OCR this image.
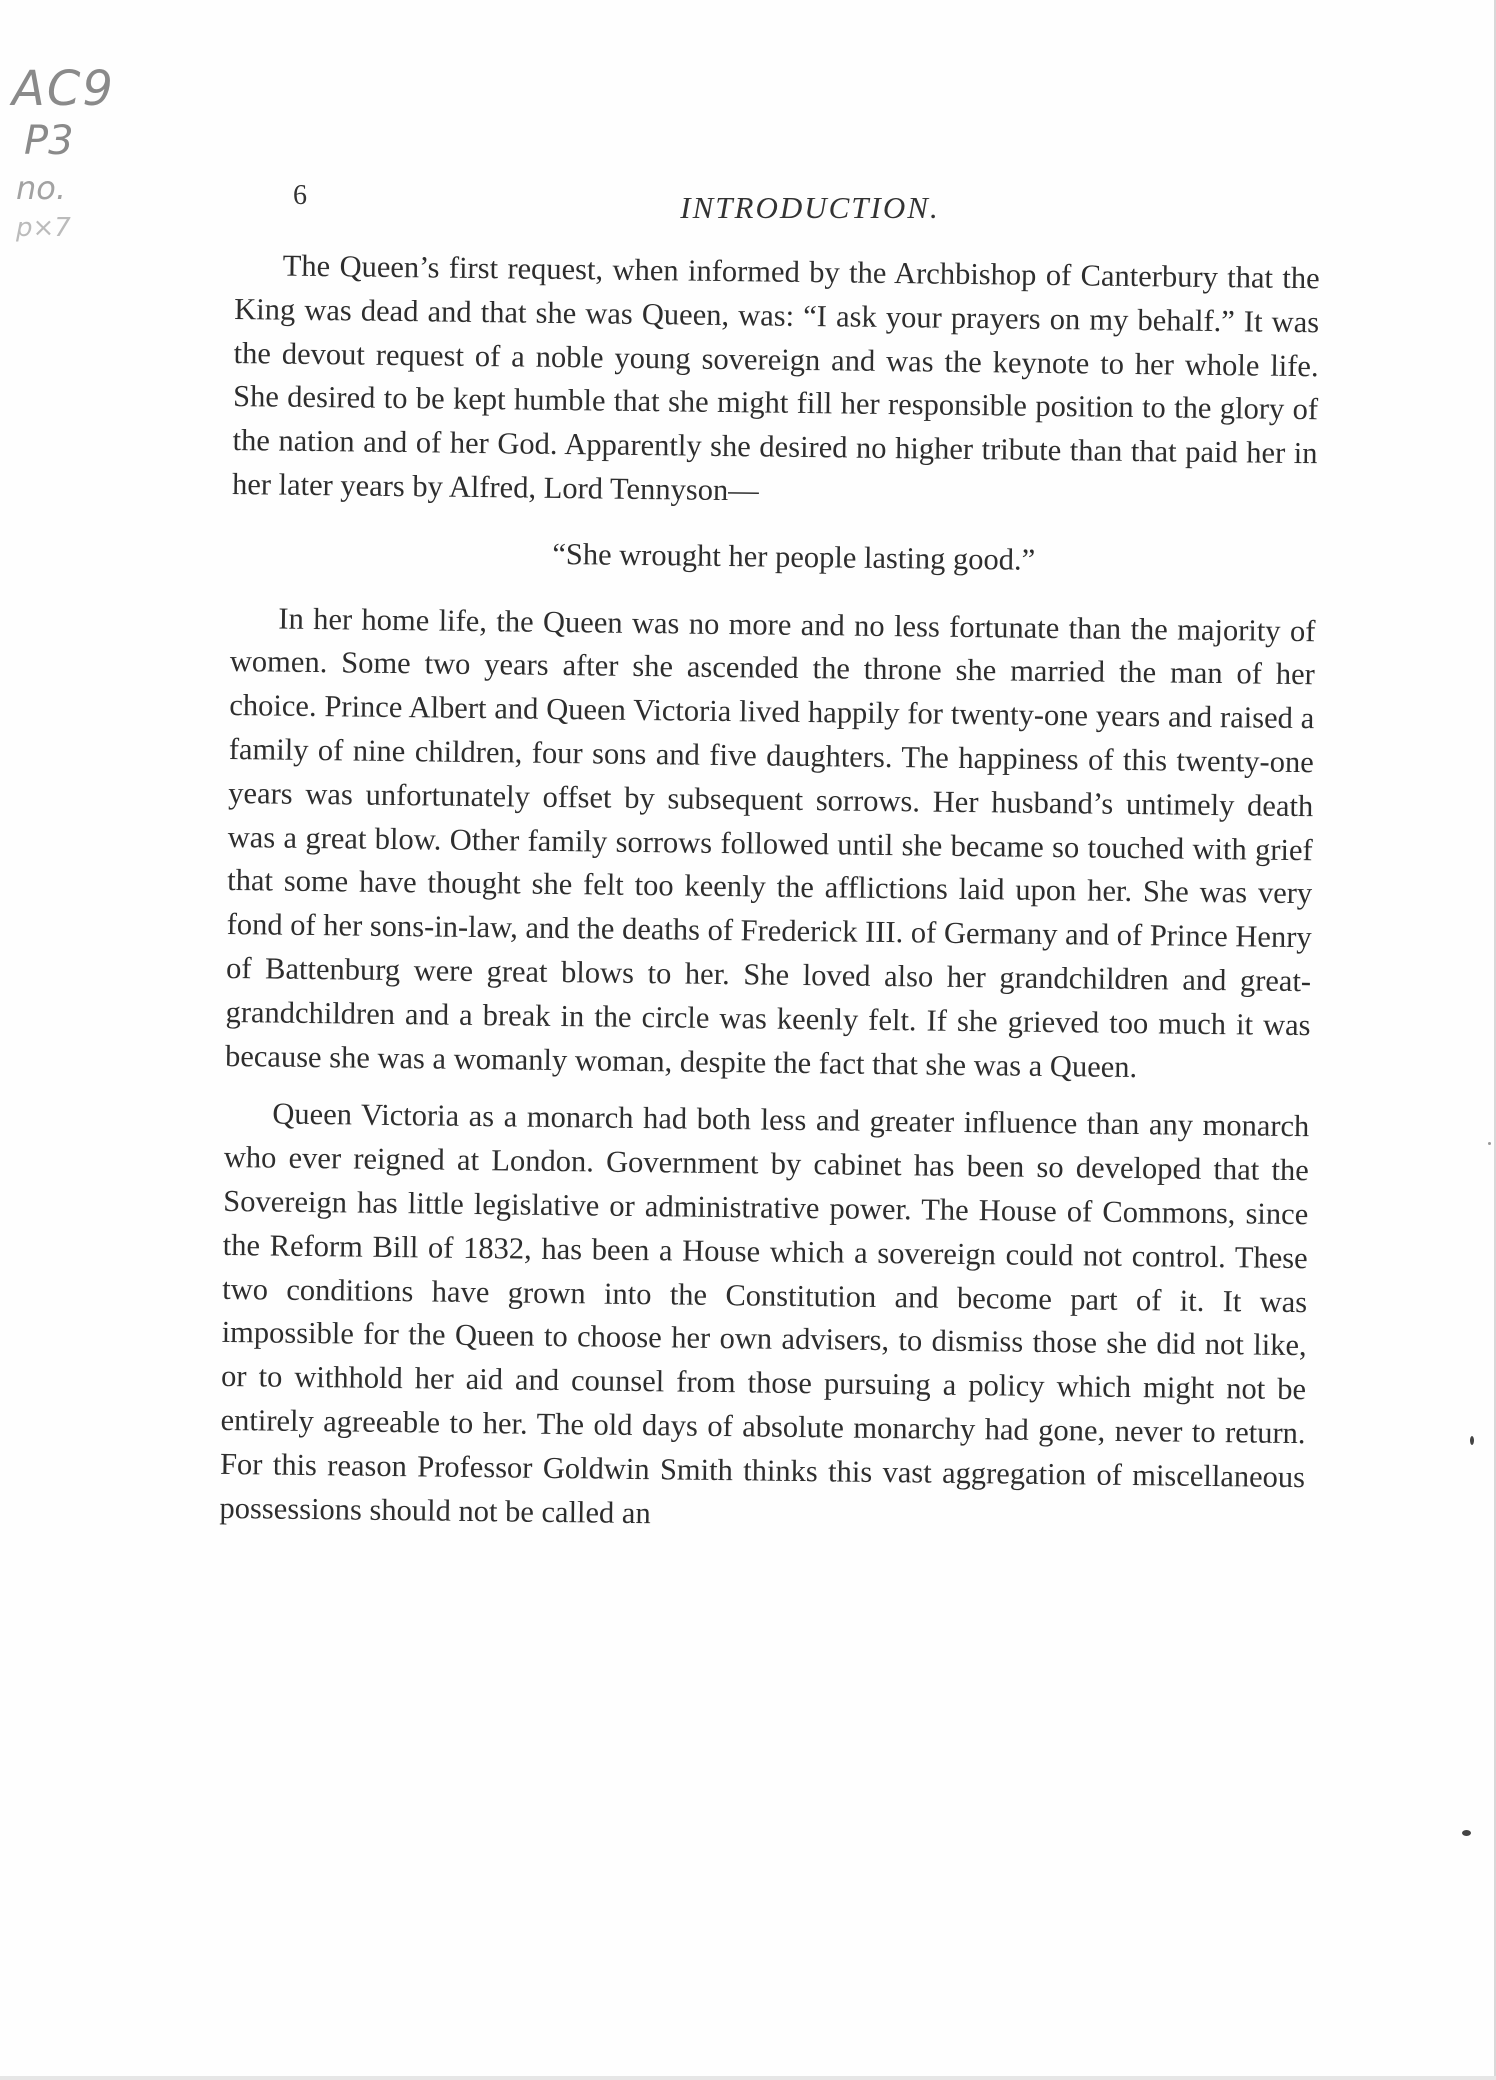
AC9
P3
no.
p×7
6	INTRODUCTION.

The Queen’s first request, when informed by the Archbishop of Canterbury that the King was dead and that she was Queen, was: “I ask your prayers on my behalf.” It was the devout request of a noble young sovereign and was the keynote to her whole life. She desired to be kept humble that she might fill her responsible position to the glory of the nation and of her God. Apparently she desired no higher tribute than that paid her in her later years by Alfred, Lord Tennyson—

“She wrought her people lasting good.”

In her home life, the Queen was no more and no less fortunate than the majority of women. Some two years after she ascended the throne she married the man of her choice. Prince Albert and Queen Victoria lived happily for twenty-one years and raised a family of nine children, four sons and five daughters. The happiness of this twenty-one years was unfortunately offset by subsequent sorrows. Her husband’s untimely death was a great blow. Other family sorrows followed until she became so touched with grief that some have thought she felt too keenly the afflictions laid upon her. She was very fond of her sons-in-law, and the deaths of Frederick III. of Germany and of Prince Henry of Battenburg were great blows to her. She loved also her grandchildren and great-grandchildren and a break in the circle was keenly felt. If she grieved too much it was because she was a womanly woman, despite the fact that she was a Queen.

Queen Victoria as a monarch had both less and greater influence than any monarch who ever reigned at London. Government by cabinet has been so developed that the Sovereign has little legislative or administrative power. The House of Commons, since the Reform Bill of 1832, has been a House which a sovereign could not control. These two conditions have grown into the Constitution and become part of it. It was impossible for the Queen to choose her own advisers, to dismiss those she did not like, or to withhold her aid and counsel from those pursuing a policy which might not be entirely agreeable to her. The old days of absolute monarchy had gone, never to return. For this reason Professor Goldwin Smith thinks this vast aggregation of miscellaneous possessions should not be called an
